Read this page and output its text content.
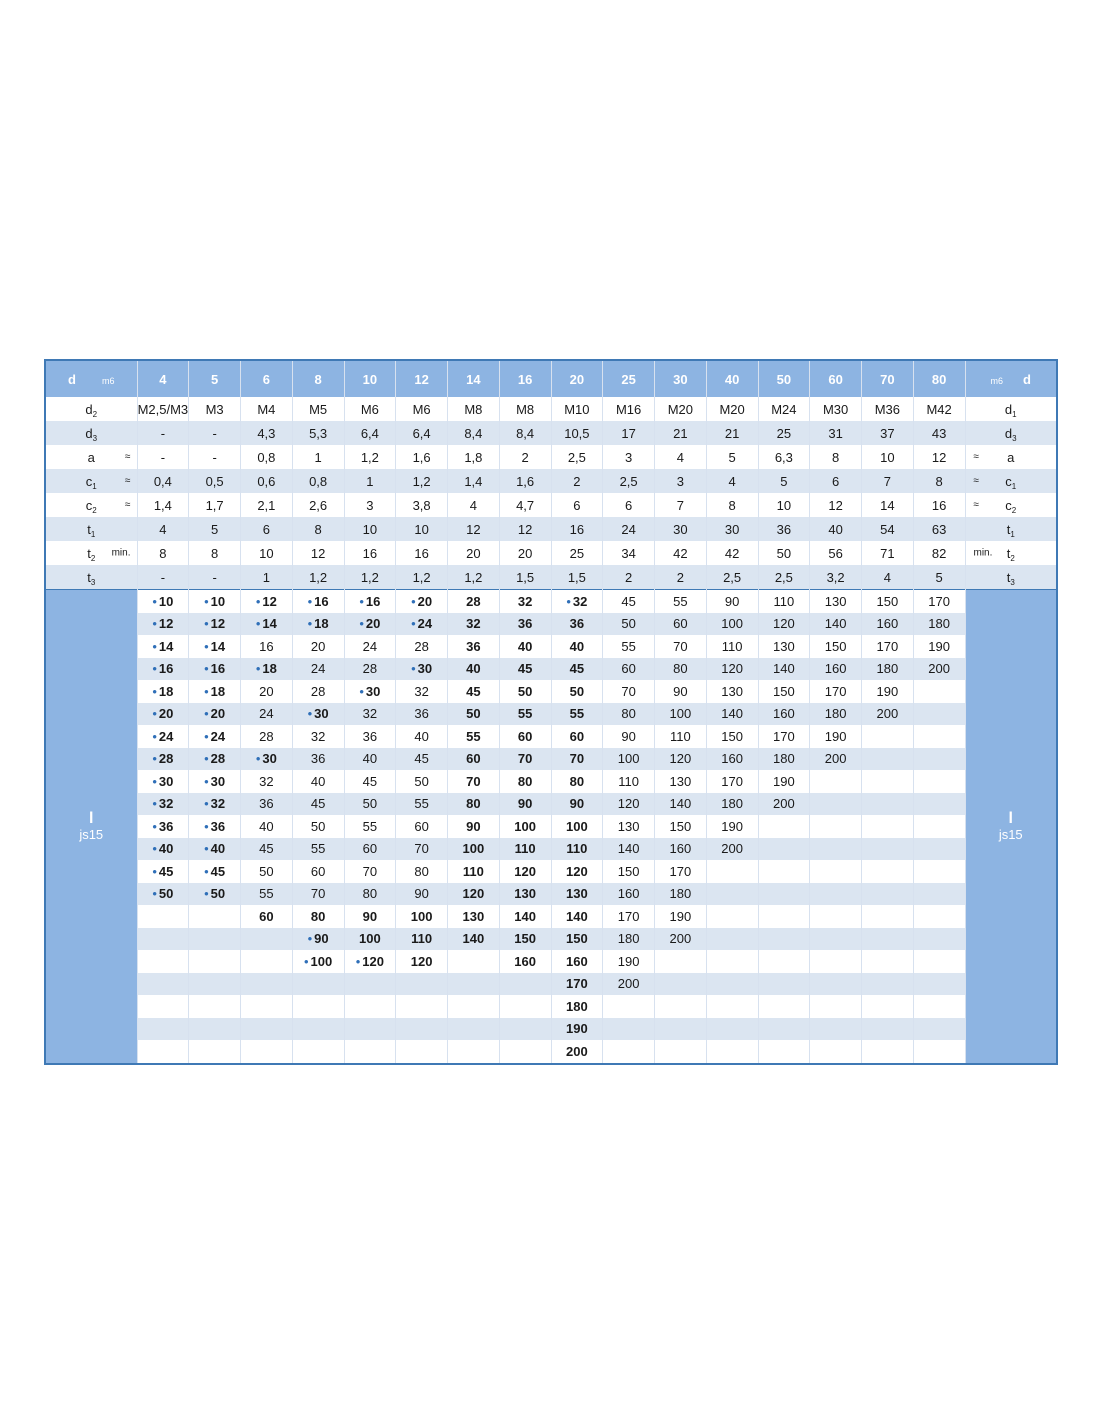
d m6	4	5	6	8	10	12	14	16	20	25	30	40	50	60	70	80	m6 d
$d_2$	M2,5/M3	M3	M4	M5	M6	M6	M8	M8	M10	M16	M20	M20	M24	M30	M36	M42	$d_1$
$d_3$	-	-	4,3	5,3	6,4	6,4	8,4	8,4	10,5	17	21	21	25	31	37	43	$d_3$
a ≈	-	-	0,8	1	1,2	1,6	1,8	2	2,5	3	4	5	6,3	8	10	12	≈ a
$c_1$ ≈	0,4	0,5	0,6	0,8	1	1,2	1,4	1,6	2	2,5	3	4	5	6	7	8	≈ $c_1$
$c_2$ ≈	1,4	1,7	2,1	2,6	3	3,8	4	4,7	6	6	7	8	10	12	14	16	≈ $c_2$
$t_1$	4	5	6	8	10	10	12	12	16	24	30	30	36	40	54	63	$t_1$
$t_2$ min.	8	8	10	12	16	16	20	20	25	34	42	42	50	56	71	82	min. $t_2$
$t_3$	-	-	1	1,2	1,2	1,2	1,2	1,5	1,5	2	2	2,5	2,5	3,2	4	5	$t_3$

l
js15	• 10	• 10	• 12	• 16	• 16	• 20	28	32	• 32	45	55	90	110	130	150	170	l
js15

	• 12	• 12	• 14	• 18	• 20	• 24	32	36	36	50	60	100	120	140	160	180	
	• 14	• 14	16	20	24	28	36	40	40	55	70	110	130	150	170	190	
	• 16	• 16	• 18	24	28	• 30	40	45	45	60	80	120	140	160	180	200	
	• 18	• 18	20	28	• 30	32	45	50	50	70	90	130	150	170	190		
	• 20	• 20	24	• 30	32	36	50	55	55	80	100	140	160	180	200		
	• 24	• 24	28	32	36	40	55	60	60	90	110	150	170	190			
	• 28	• 28	• 30	36	40	45	60	70	70	100	120	160	180	200			
	• 30	• 30	32	40	45	50	70	80	80	110	130	170	190				
	• 32	• 32	36	45	50	55	80	90	90	120	140	180	200				
	• 36	• 36	40	50	55	60	90	100	100	130	150	190					
	• 40	• 40	45	55	60	70	100	110	110	140	160	200					
	• 45	• 45	50	60	70	80	110	120	120	150	170						
	• 50	• 50	55	70	80	90	120	130	130	160	180						
			60	80	90	100	130	140	140	170	190						
				• 90	100	110	140	150	150	180	200						
				• 100	• 120	120		160	160	190							
									170	200							
									180								
									190								
									200								
